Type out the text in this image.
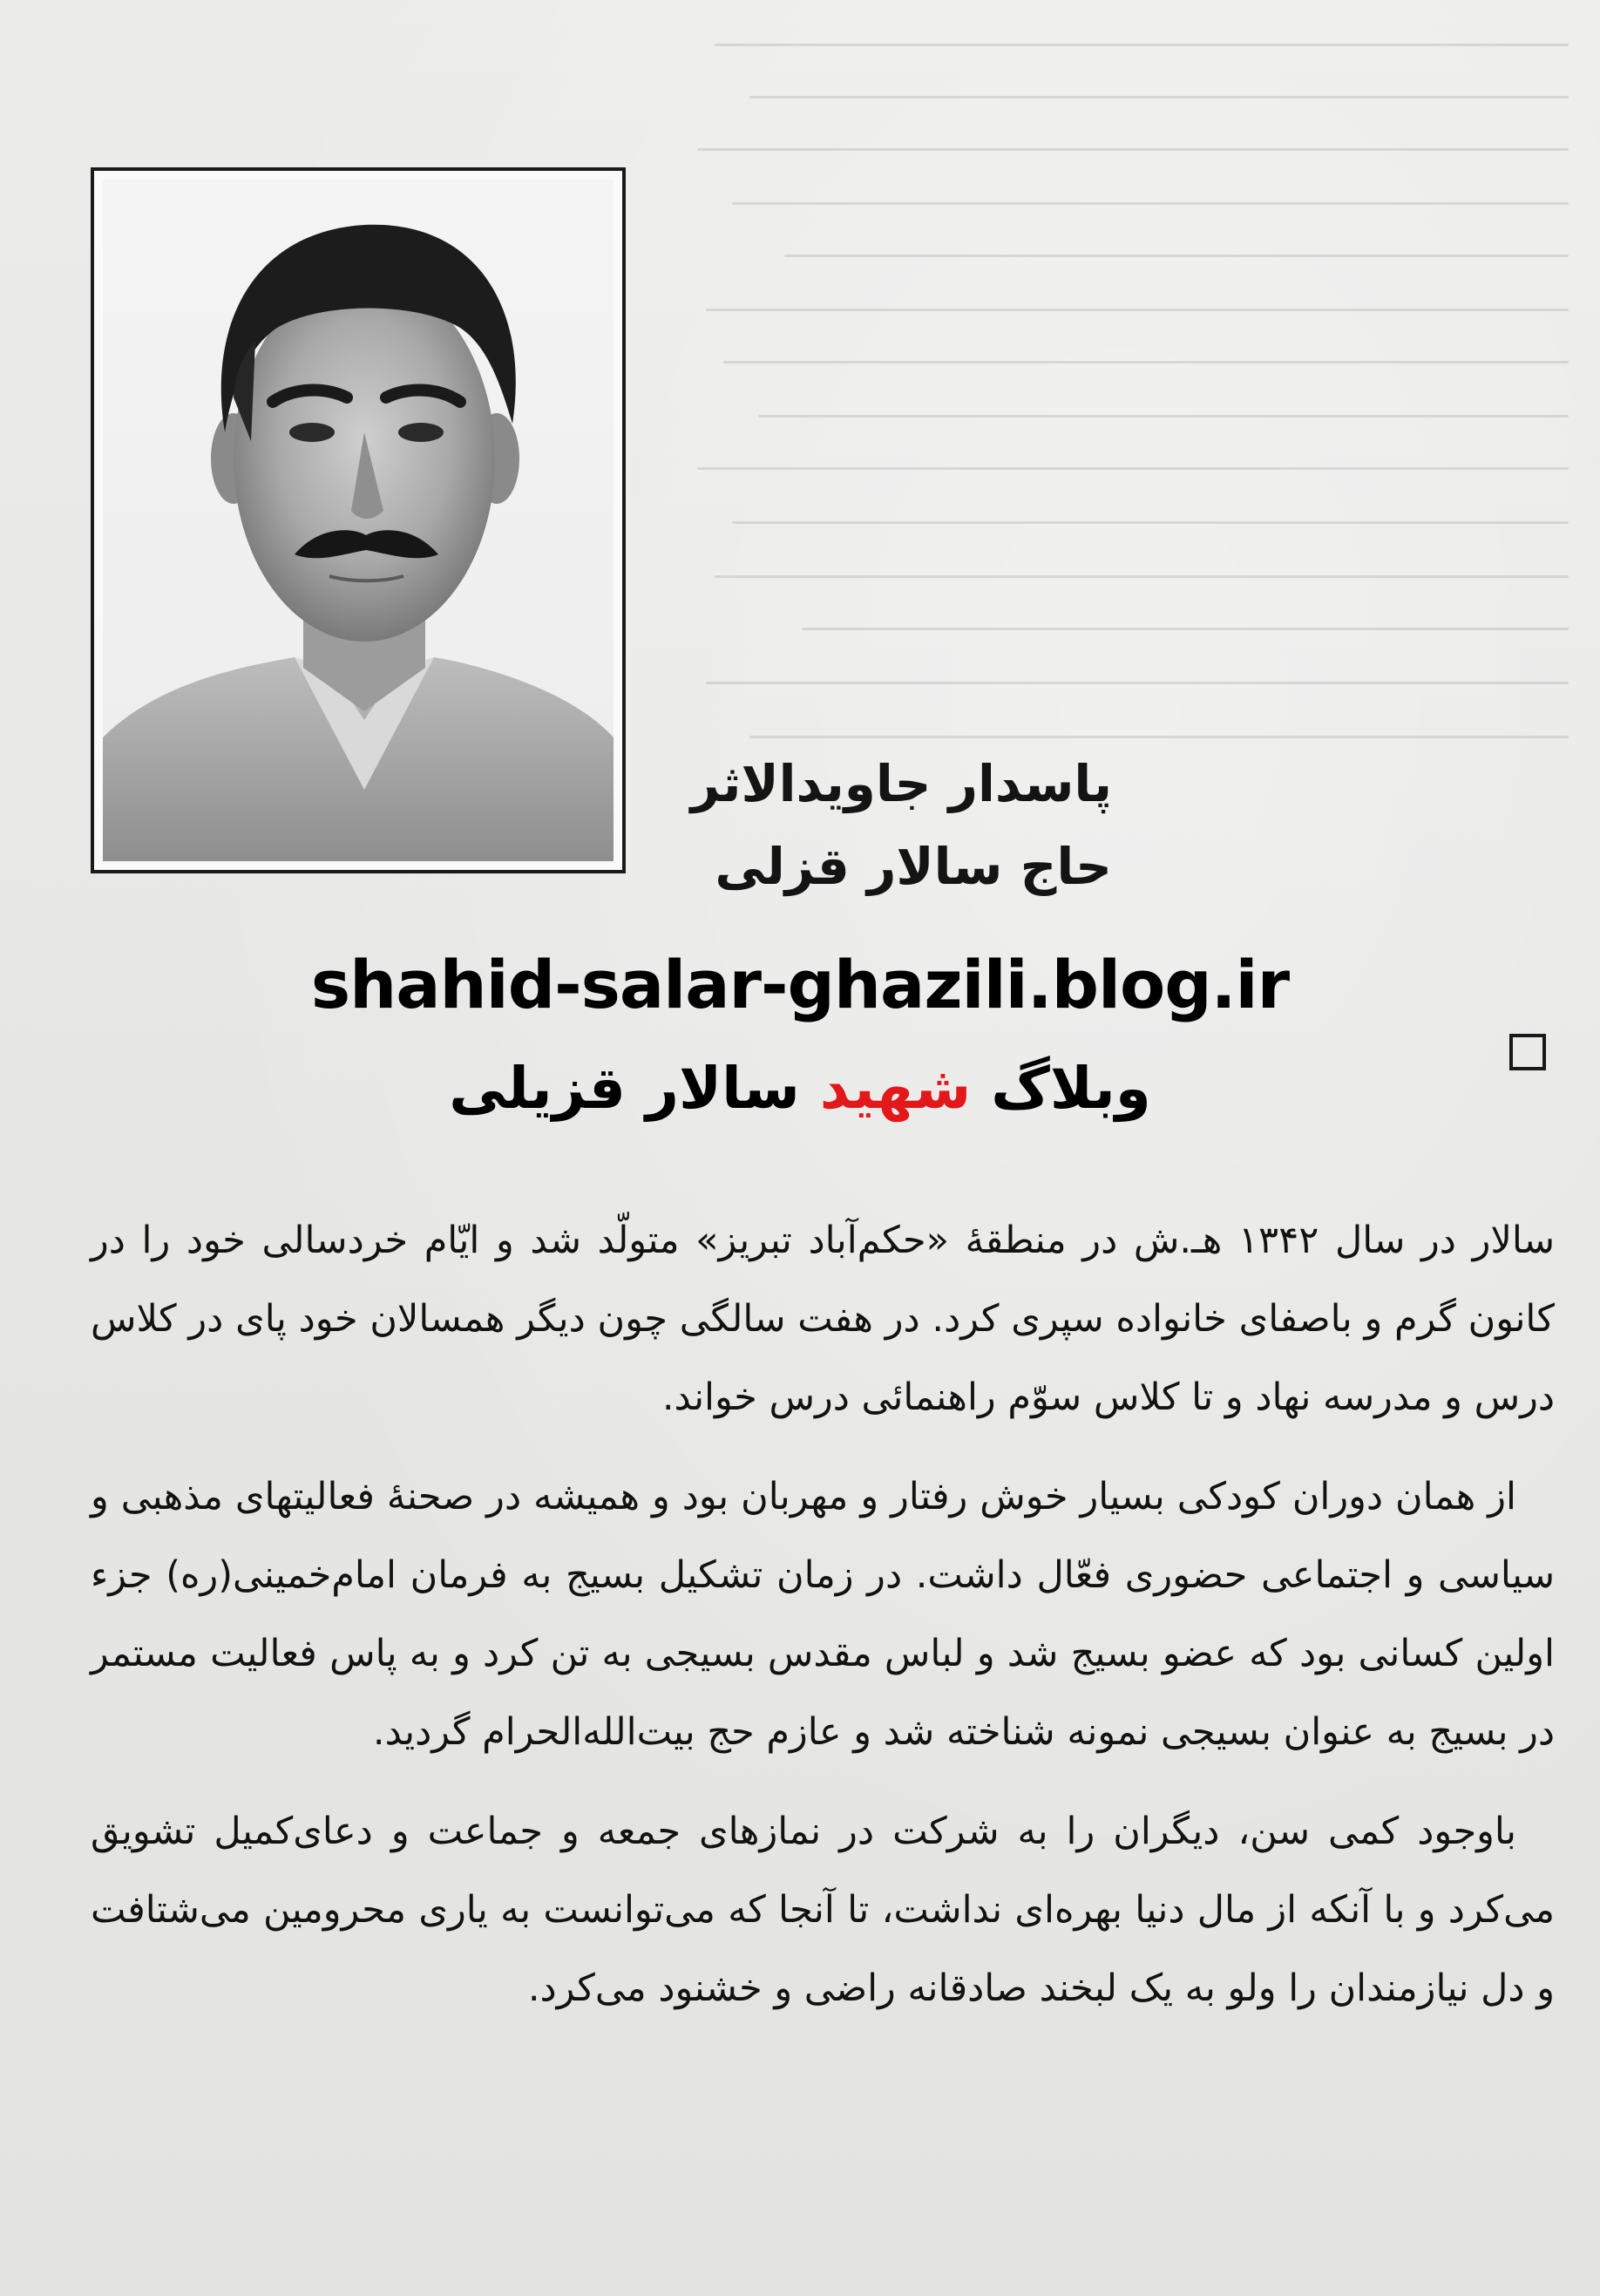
پاسدار جاویدالاثر
حاج سالار قزلی
shahid-salar-ghazili.blog.ir
وبلاگ شهید سالار قزیلی

سالار در سال ۱۳۴۲ هـ.ش در منطقۀ «حکم‌آباد تبریز» متولّد شد و ایّام خردسالی خود را در کانون گرم و باصفای خانواده سپری کرد. در هفت سالگی چون دیگر همسالان خود پای در کلاس درس و مدرسه نهاد و تا کلاس سوّم راهنمائی درس خواند.

از همان دوران کودکی بسیار خوش رفتار و مهربان بود و همیشه در صحنۀ فعالیتهای مذهبی و سیاسی و اجتماعی حضوری فعّال داشت. در زمان تشکیل بسیج به فرمان امام‌خمینی(ره) جزء اولین کسانی بود که عضو بسیج شد و لباس مقدس بسیجی به تن کرد و به پاس فعالیت مستمر در بسیج به عنوان بسیجی نمونه شناخته شد و عازم حج بیت‌الله‌الحرام گردید.

باوجود کمی سن، دیگران را به شرکت در نمازهای جمعه و جماعت و دعای‌کمیل تشویق می‌کرد و با آنکه از مال دنیا بهره‌ای نداشت، تا آنجا که می‌توانست به یاری محرومین می‌شتافت و دل نیازمندان را ولو به یک لبخند صادقانه راضی و خشنود می‌کرد.
